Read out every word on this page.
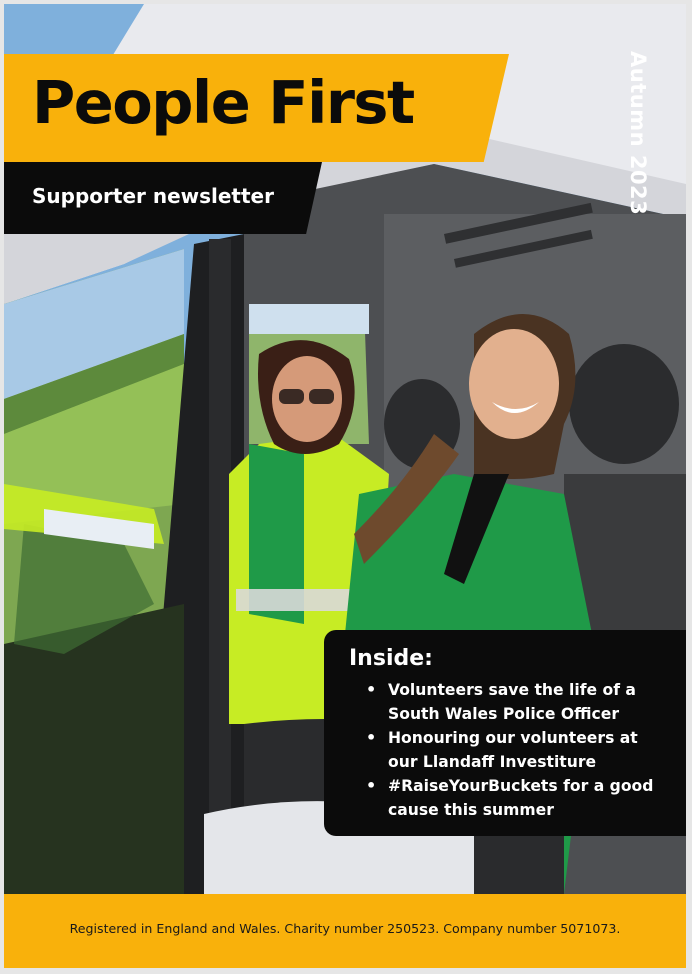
People First

Supporter newsletter	Autumn 2023

Inside:

• Volunteers save the life of a South Wales Police Officer
• Honouring our volunteers at our Llandaff Investiture
• #RaiseYourBuckets for a good cause this summer

Registered in England and Wales. Charity number 250523. Company number 5071073.
